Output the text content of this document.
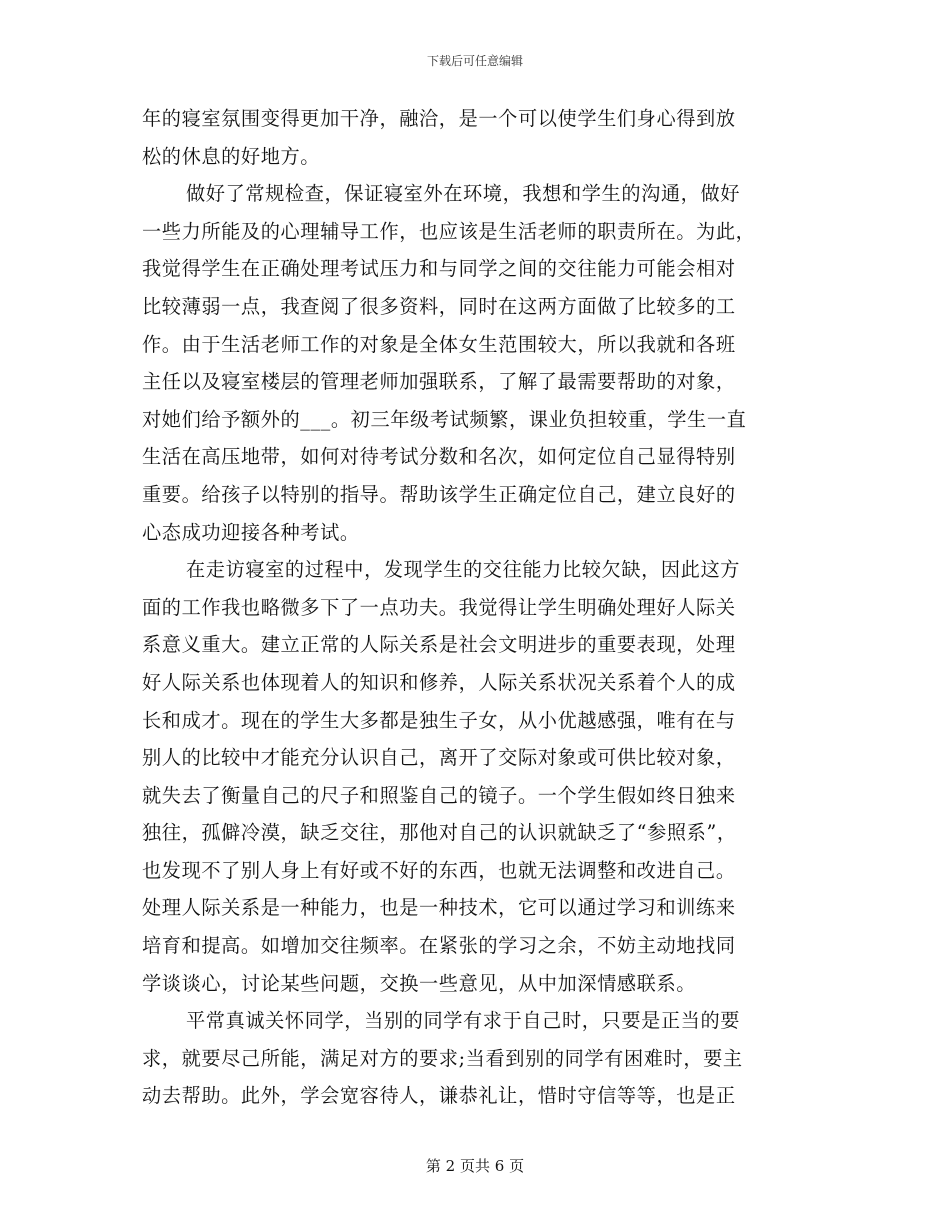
下载后可任意编辑
年的寝室氛围变得更加干净，融洽，是一个可以使学生们身心得到放
松的休息的好地方。
做好了常规检查，保证寝室外在环境，我想和学生的沟通，做好
一些力所能及的心理辅导工作，也应该是生活老师的职责所在。为此，
我觉得学生在正确处理考试压力和与同学之间的交往能力可能会相对
比较薄弱一点，我查阅了很多资料，同时在这两方面做了比较多的工
作。由于生活老师工作的对象是全体女生范围较大，所以我就和各班
主任以及寝室楼层的管理老师加强联系，了解了最需要帮助的对象，
对她们给予额外的___。初三年级考试频繁，课业负担较重，学生一直
生活在高压地带，如何对待考试分数和名次，如何定位自己显得特别
重要。给孩子以特别的指导。帮助该学生正确定位自己，建立良好的
心态成功迎接各种考试。
在走访寝室的过程中，发现学生的交往能力比较欠缺，因此这方
面的工作我也略微多下了一点功夫。我觉得让学生明确处理好人际关
系意义重大。建立正常的人际关系是社会文明进步的重要表现，处理
好人际关系也体现着人的知识和修养，人际关系状况关系着个人的成
长和成才。现在的学生大多都是独生子女，从小优越感强，唯有在与
别人的比较中才能充分认识自己，离开了交际对象或可供比较对象，
就失去了衡量自己的尺子和照鉴自己的镜子。一个学生假如终日独来
独往，孤僻冷漠，缺乏交往，那他对自己的认识就缺乏了“参照系”，
也发现不了别人身上有好或不好的东西，也就无法调整和改进自己。
处理人际关系是一种能力，也是一种技术，它可以通过学习和训练来
培育和提高。如增加交往频率。在紧张的学习之余，不妨主动地找同
学谈谈心，讨论某些问题，交换一些意见，从中加深情感联系。
平常真诚关怀同学，当别的同学有求于自己时，只要是正当的要
求，就要尽己所能，满足对方的要求;当看到别的同学有困难时，要主
动去帮助。此外，学会宽容待人，谦恭礼让，惜时守信等等，也是正
第 2 页共 6 页
